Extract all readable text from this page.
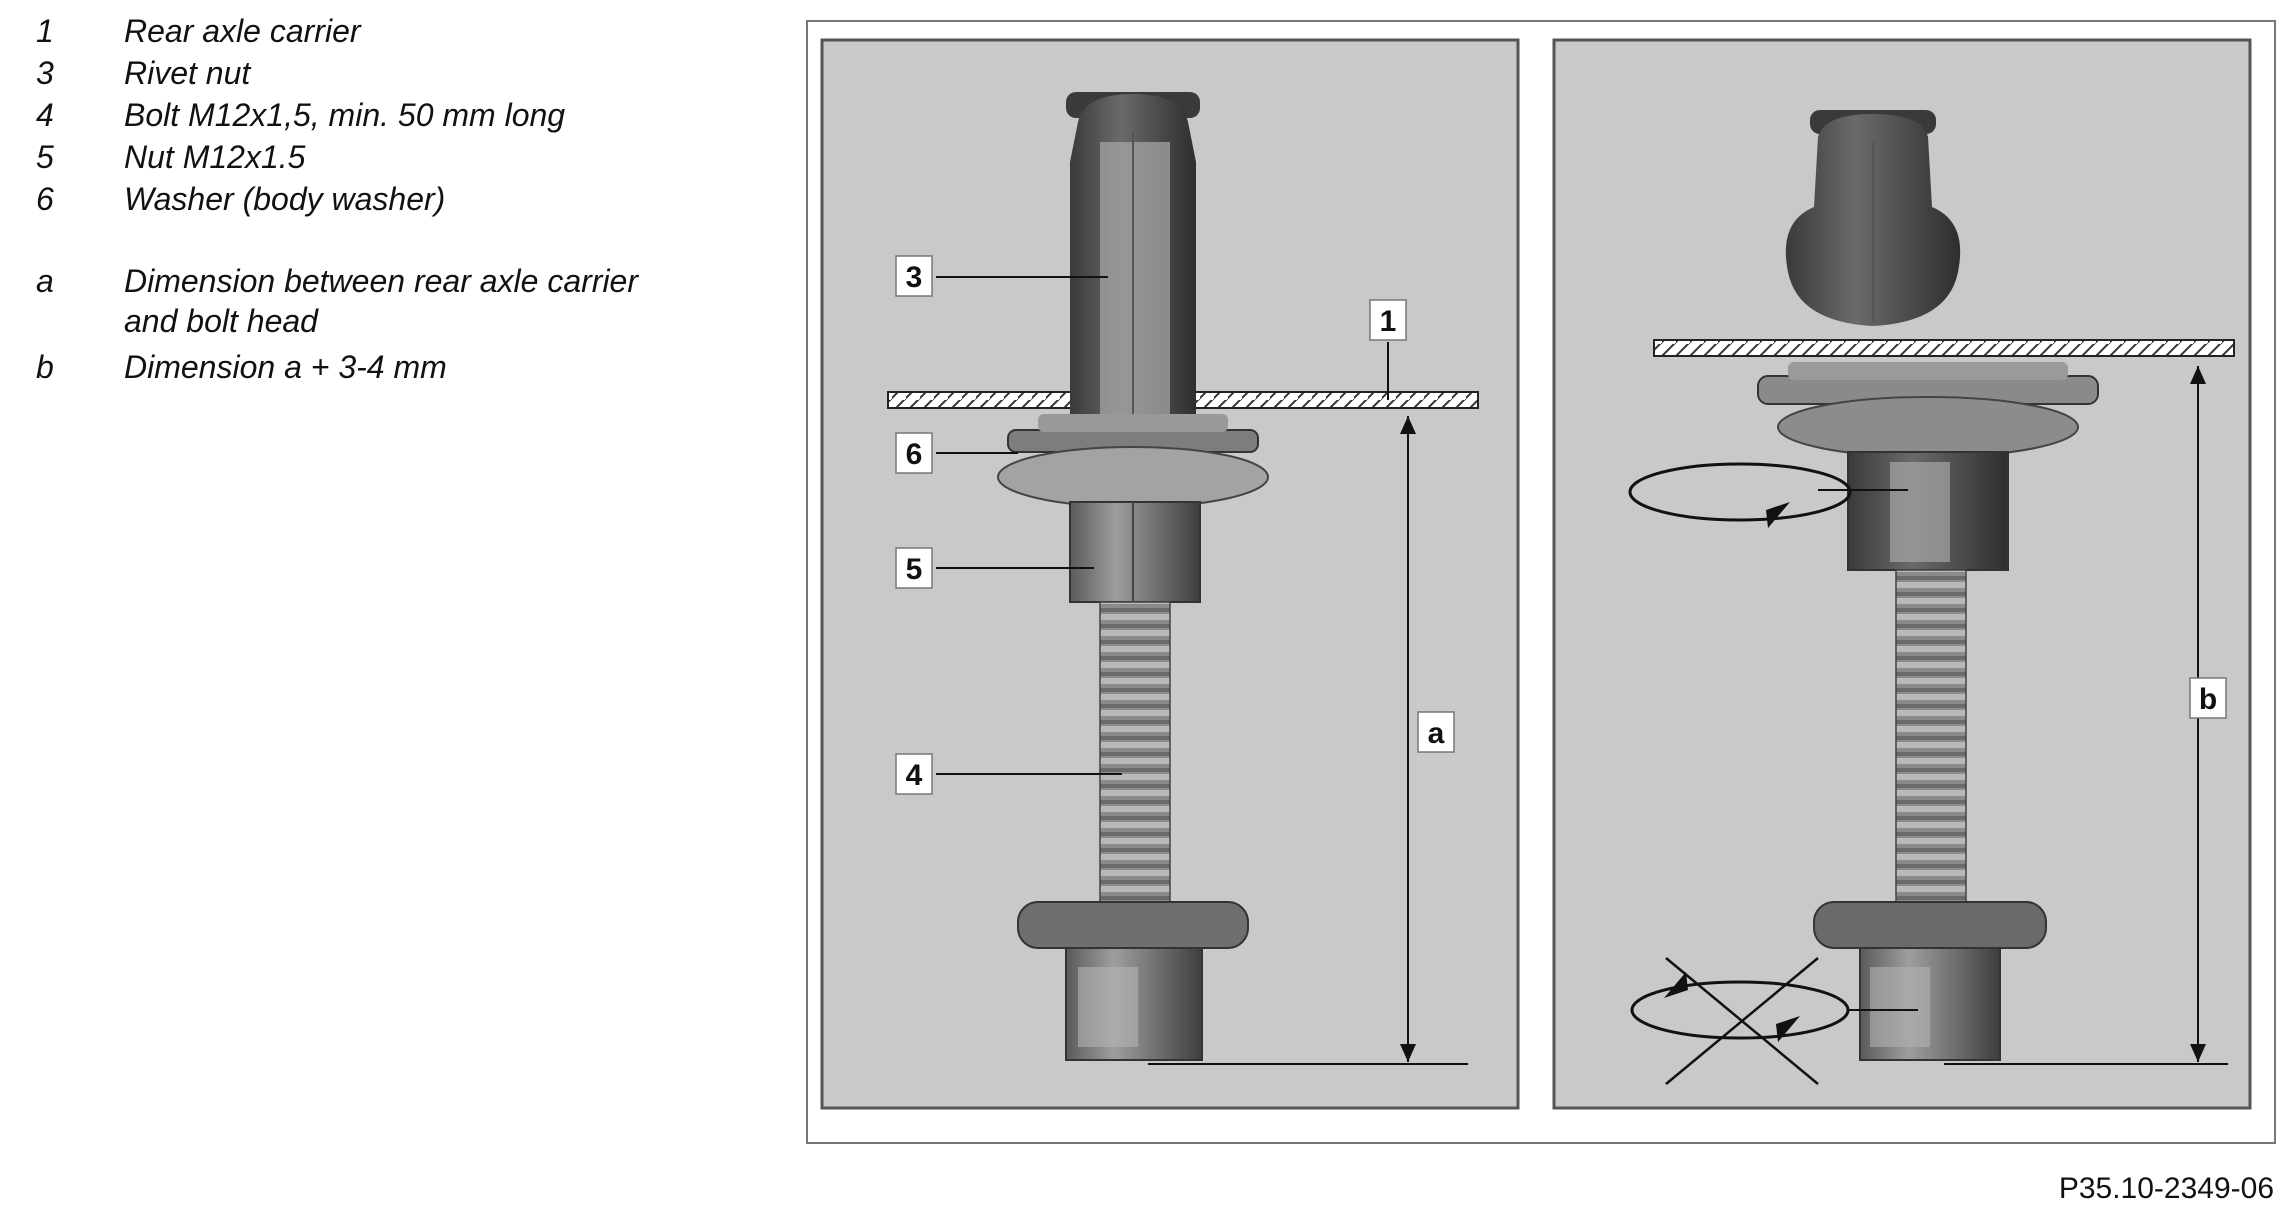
1	Rear axle carrier
3	Rivet nut
4	Bolt M12x1,5, min. 50 mm long
5	Nut M12x1.5
6	Washer (body washer)
a	Dimension between rear axle carrier
and bolt head
b	Dimension a + 3-4 mm
3
1
6
5
4
a
b
P35.10-2349-06
